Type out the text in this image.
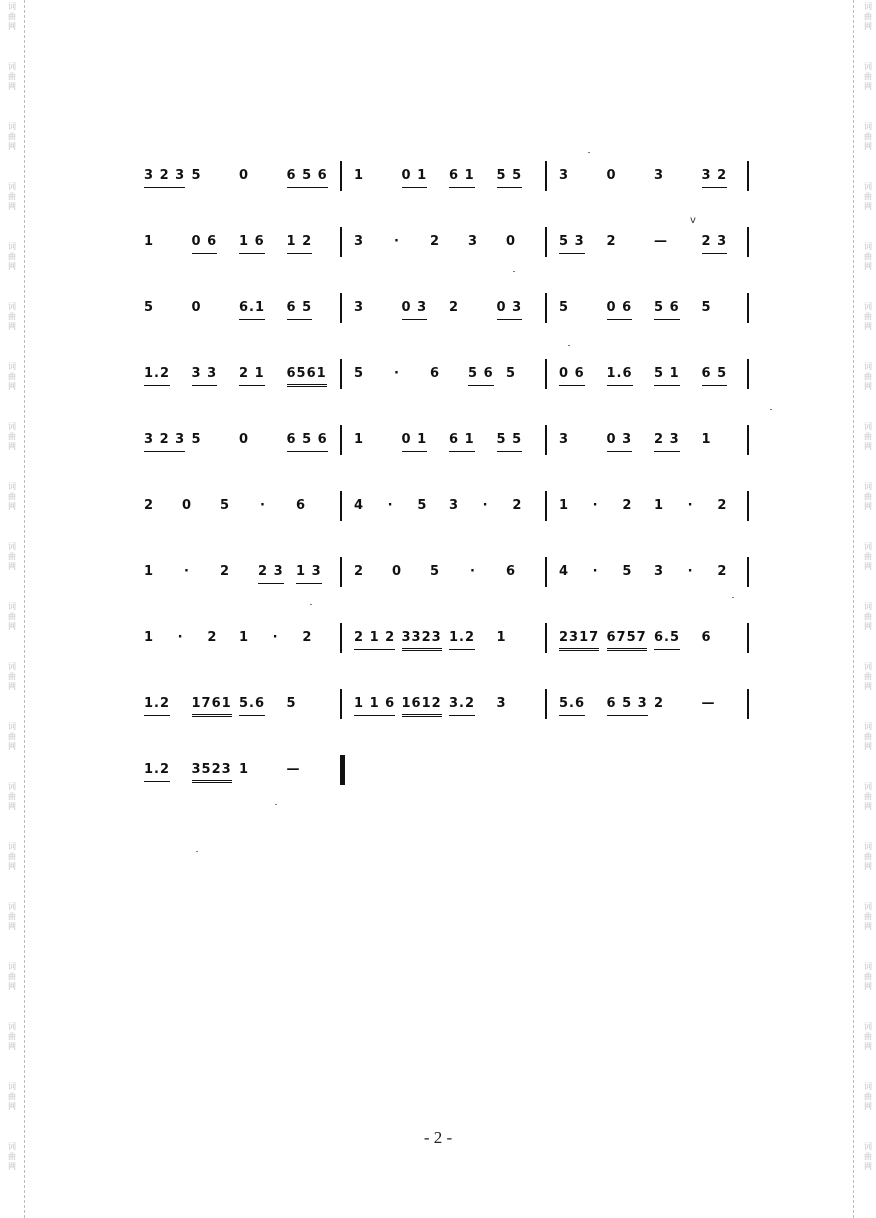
词
曲
网
词
曲
网
词
曲
网
词
曲
网
词
曲
网
词
曲
网
词
曲
网
词
曲
网
词
曲
网
词
曲
网
词
曲
网
词
曲
网
词
曲
网
词
曲
网
词
曲
网
词
曲
网
词
曲
网
词
曲
网
词
曲
网
词
曲
网
词
曲
网
词
曲
网
词
曲
网
词
曲
网
词
曲
网
词
曲
网
词
曲
网
词
曲
网
词
曲
网
词
曲
网
词
曲
网
词
曲
网
词
曲
网
词
曲
网
词
曲
网
词
曲
网
词
曲
网
词
曲
网
词
曲
网
词
曲
网
3 2 3 5	0	6 5 6 1	0 1 6 1 5 5	3	0	3	3 2
1	0 6 1 6 1 2	3 · 2 3 0	5 3 2	—	2 3
v
5	0	6.1 6 5	3	0 3 2	0 3	5	0 6 5 6 5
1.2 3 3 2 1 6561 5 · 6 5 6 5	0 6 1.6 5 1 6 5
3 2 3 5	0	6 5 6 1	0 1 6 1 5 5	3	0 3 2 3 1
2 0 5 · 6	4 · 5 3 · 2	1 · 2 1 · 2
1 · 2 2 3 1 3 2 0 5 · 6	4 · 5 3 · 2
1 · 2 1 · 2	2 1 2 3323 1.2 1	2317 6757 6.5 6
1.2 1761 5.6 5	1 1 6 1612 3.2 3	5.6 6 5 3 2	—
1.2 3523 1	—
- 2 -
